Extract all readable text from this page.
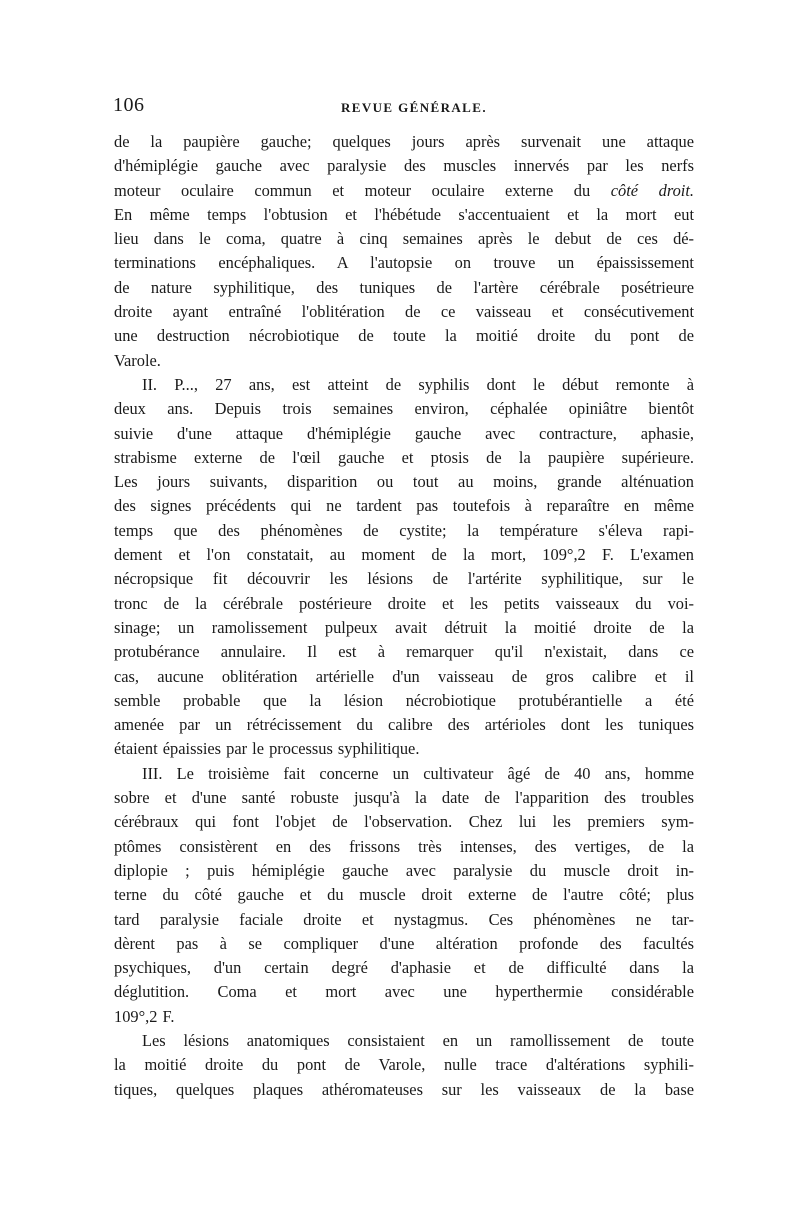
106	REVUE GÉNÉRALE.
de la paupière gauche; quelques jours après survenait une attaque
d'hémiplégie gauche avec paralysie des muscles innervés par les nerfs
moteur oculaire commun et moteur oculaire externe du côté droit.
En même temps l'obtusion et l'hébétude s'accentuaient et la mort eut
lieu dans le coma, quatre à cinq semaines après le debut de ces dé-
terminations encéphaliques. A l'autopsie on trouve un épaississement
de nature syphilitique, des tuniques de l'artère cérébrale posétrieure
droite ayant entraîné l'oblitération de ce vaisseau et consécutivement
une destruction nécrobiotique de toute la moitié droite du pont de
Varole.
II. P..., 27 ans, est atteint de syphilis dont le début remonte à
deux ans. Depuis trois semaines environ, céphalée opiniâtre bientôt
suivie d'une attaque d'hémiplégie gauche avec contracture, aphasie,
strabisme externe de l'œil gauche et ptosis de la paupière supérieure.
Les jours suivants, disparition ou tout au moins, grande alténuation
des signes précédents qui ne tardent pas toutefois à reparaître en même
temps que des phénomènes de cystite; la température s'éleva rapi-
dement et l'on constatait, au moment de la mort, 109°,2 F. L'examen
nécropsique fit découvrir les lésions de l'artérite syphilitique, sur le
tronc de la cérébrale postérieure droite et les petits vaisseaux du voi-
sinage; un ramolissement pulpeux avait détruit la moitié droite de la
protubérance annulaire. Il est à remarquer qu'il n'existait, dans ce
cas, aucune oblitération artérielle d'un vaisseau de gros calibre et il
semble probable que la lésion nécrobiotique protubérantielle a été
amenée par un rétrécissement du calibre des artérioles dont les tuniques
étaient épaissies par le processus syphilitique.
III. Le troisième fait concerne un cultivateur âgé de 40 ans, homme
sobre et d'une santé robuste jusqu'à la date de l'apparition des troubles
cérébraux qui font l'objet de l'observation. Chez lui les premiers sym-
ptômes consistèrent en des frissons très intenses, des vertiges, de la
diplopie ; puis hémiplégie gauche avec paralysie du muscle droit in-
terne du côté gauche et du muscle droit externe de l'autre côté; plus
tard paralysie faciale droite et nystagmus. Ces phénomènes ne tar-
dèrent pas à se compliquer d'une altération profonde des facultés
psychiques, d'un certain degré d'aphasie et de difficulté dans la
déglutition. Coma et mort avec une hyperthermie considérable
109°,2 F.
Les lésions anatomiques consistaient en un ramollissement de toute
la moitié droite du pont de Varole, nulle trace d'altérations syphili-
tiques, quelques plaques athéromateuses sur les vaisseaux de la base
